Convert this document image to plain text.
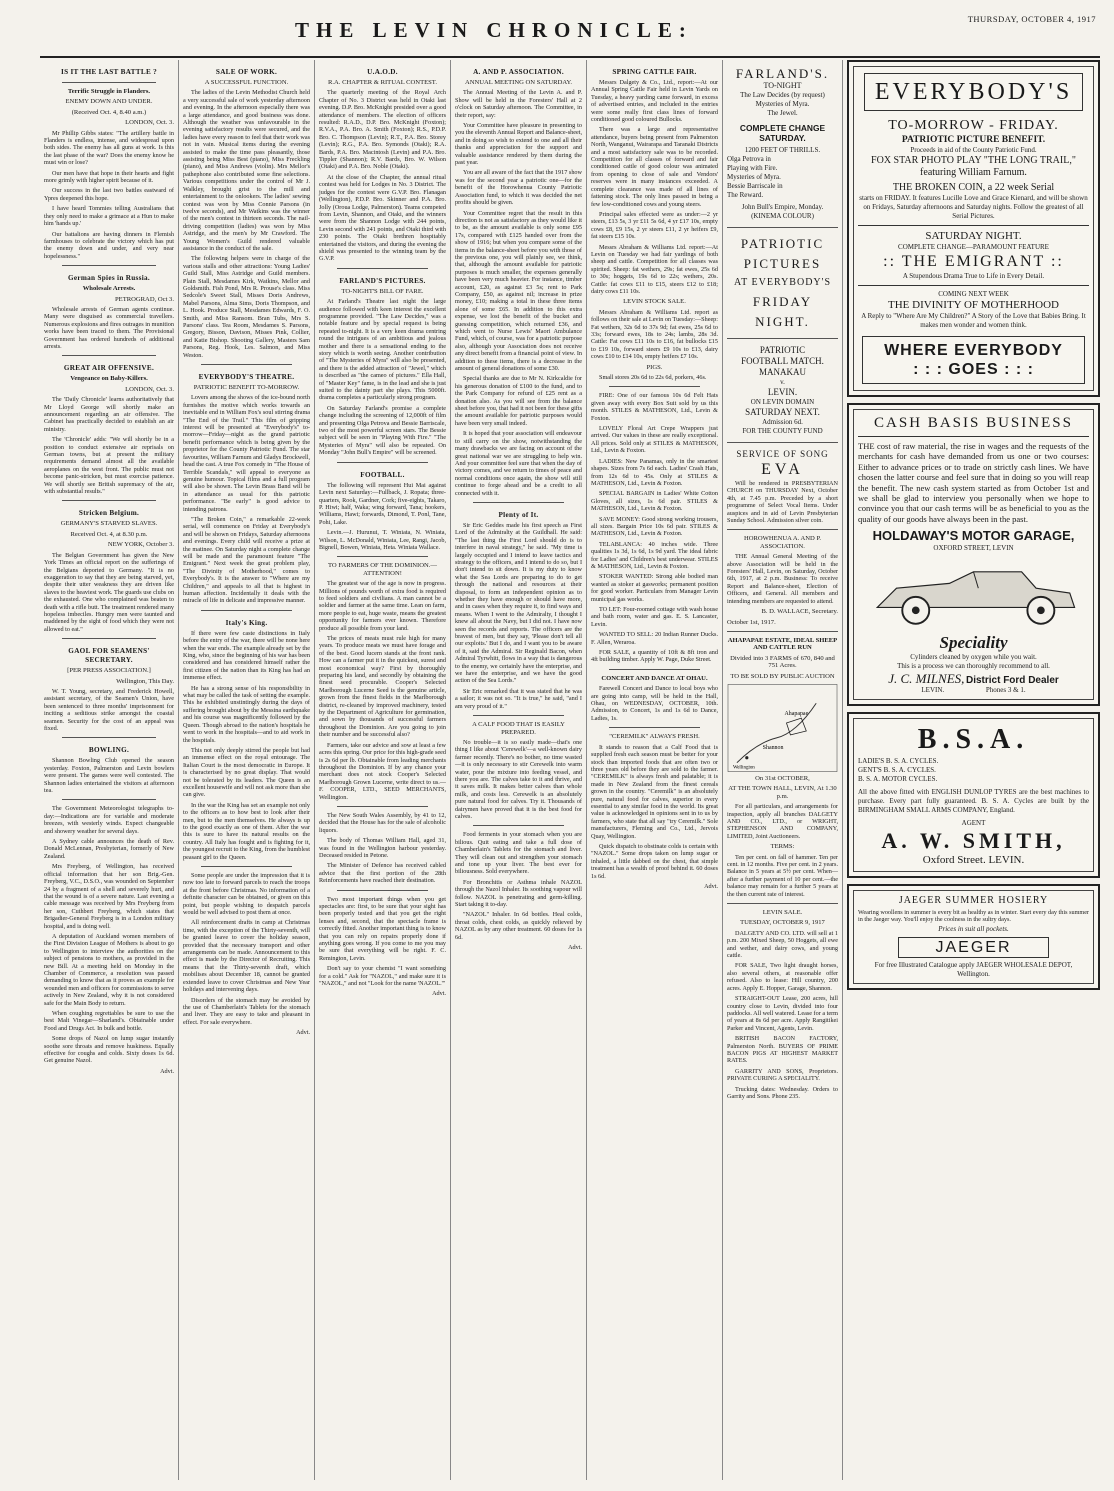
THE LEVIN CHRONICLE:	THURSDAY, OCTOBER 4, 1917
IS IT THE LAST BATTLE ?
Terrific Struggle in Flanders.
ENEMY DOWN AND UNDER.
(Received Oct. 4, 8.40 a.m.)
LONDON, Oct. 3.

Mr Phillip Gibbs states: "The artillery battle in Flanders is endless, intense, and widespread upon both sides. The enemy has all guns at work. Is this the last phase of the war? Does the enemy know he must win or lose?

Our men have that hope in their hearts and fight more grimly with higher spirit because of it.

Our success in the last two battles eastward of Ypres deepened this hope.

I have heard Tommies telling Australians that they only need to make a grimace at a Hun to make him 'hands up.'

Our battalions are having dinners in Flemish farmhouses to celebrate the victory which has put the enemy down and under, and very near hopelessness."

German Spies in Russia.
Wholesale Arrests.
PETROGRAD, Oct 3.

Wholesale arrests of German agents continue. Many were disguised as commercial travellers. Numerous explosions and fires outrages in munition works have been traced to them. The Provisional Government has ordered hundreds of additional arrests.

GREAT AIR OFFENSIVE.
Vengeance on Baby-Killers.
LONDON, Oct. 3.

The 'Daily Chronicle' learns authoritatively that Mr Lloyd George will shortly make an announcement regarding an air offensive. The Cabinet has practically decided to establish an air ministry.

The 'Chronicle' adds: "We will shortly be in a position to conduct extensive air reprisals on German towns, but at present the military requirements demand almost all the available aeroplanes on the west front. The public must not become panic-stricken, but must exercise patience. We will shortly see British supremacy of the air, with substantial results."

Stricken Belgium.
GERMANY'S STARVED SLAVES.
Received Oct. 4, at 8.30 p.m.
NEW YORK, October 3.

The Belgian Government has given the New York Times an official report on the sufferings of the Belgians deported to Germany. "It is no exaggeration to say that they are being starved, yet, despite their utter weakness they are driven like slaves to the heaviest work. The guards use clubs on the exhausted. One who complained was beaten to death with a rifle butt. The treatment rendered many hopeless imbeciles. Hungry men were taunted and maddened by the sight of food which they were not allowed to eat."

GAOL FOR SEAMENS' SECRETARY.
[PER PRESS ASSOCIATION.]
Wellington, This Day.

W. T. Young, secretary, and Frederick Howell, assistant secretary, of the Seamen's Union, have been sentenced to three months' imprisonment for inciting a seditious strike amongst the coastal seamen. Security for the cost of an appeal was fixed.

BOWLING.

Shannon Bowling Club opened the season yesterday. Foxton, Palmerston and Levin bowlers were present. The games were well contested. The Shannon ladies entertained the visitors at afternoon tea.

The Government Meteorologist telegraphs to-day:—Indications are for variable and moderate breezes, with westerly winds. Expect changeable and showery weather for several days.

A Sydney cable announces the death of Rev. Donald McLennan, Presbyterian, formerly of New Zealand.

Mrs Freyberg, of Wellington, has received official information that her son Brig.-Gen. Freyberg, V.C., D.S.O., was wounded on September 24 by a fragment of a shell and severely hurt, and that the wound is of a severe nature. Last evening a cable message was received by Mrs Freyberg from her son, Cuthbert Freyberg, which states that Brigadier-General Freyberg is in a London military hospital, and is doing well.

A deputation of Auckland women members of the First Division League of Mothers is about to go to Wellington to interview the authorities on the subject of pensions to mothers, as provided in the new Bill. At a meeting held on Monday in the Chamber of Commerce, a resolution was passed demanding to know that as it proves an example for wounded men and officers for commissions to serve actively in New Zealand, why it is not considered safe for the Main Body to return.

When coughing regrettables be sure to use the best Malt Vinegar—Sharland's. Obtainable under Food and Drugs Act. In bulk and bottle.

Some drops of Nazol on lump sugar instantly soothe sore throats and remove huskiness. Equally effective for coughs and colds. Sixty doses 1s 6d. Get genuine Nazol.

Advt.

SALE OF WORK.
A SUCCESSFUL FUNCTION.

The ladies of the Levin Methodist Church held a very successful sale of work yesterday afternoon and evening. In the afternoon especially there was a large attendance, and good business was done. Although the weather was unfavourable in the evening satisfactory results were secured, and the ladies have every reason to feel that their work was not in vain. Musical items during the evening assisted to make the time pass pleasantly, those assisting being Miss Best (piano), Miss Freckling (piano), and Miss Andrews (violin). Mrs Mellor's pathephone also contributed some fine selections. Various competitions under the control of Mr J. Walkley, brought grist to the mill and entertainment to the onlookers. The ladies' sewing contest was won by Miss Connie Parsons (in twelve seconds), and Mr Watkins was the winner of the men's contest in thirteen seconds. The nail-driving competition (ladies) was won by Miss Astridge, and the men's by Mr Crawford. The Young Women's Guild rendered valuable assistance in the conduct of the sale.

The following helpers were in charge of the various stalls and other attractions: Young Ladies' Guild Stall, Miss Astridge and Guild members. Plain Stall, Mesdames Kirk, Watkins, Mellor and Goldsmith. Fish Pond, Mrs R. Prouse's class. Miss Sedcole's Sweet Stall, Misses Doris Andrews, Mabel Parsons, Alma Sims, Doris Thompson, and L. Hook. Produce Stall, Mesdames Edwards, F. O. Smith, and Miss Ransom. Bran Tubs, Mrs S. Parsons' class. Tea Room, Mesdames S. Parsons, Gregory, Bisson, Davison, Misses Pink, Collier, and Katie Bishop. Shooting Gallery, Masters Sam Parsons, Reg. Hook, Les. Salmon, and Miss Weston.

EVERYBODY'S THEATRE.
PATRIOTIC BENEFIT TO-MORROW.

Lovers among the shows of the ice-bound north furnishes the motive which works towards an inevitable end in William Fox's soul stirring drama "The End of the Trail." This film of gripping interest will be presented at "Everybody's" to-morrow—Friday—night as the grand patriotic benefit performance which is being given by the proprietor for the County Patriotic Fund. The star favourites, William Farnum and Gladys Brockwell, head the cast. A true Fox comedy in "The House of Terrible Scandals," will appeal to everyone as genuine humour. Topical films and a full program will also be shown. The Levin Brass Band will be in attendance as usual for this patriotic performance. "Be early" is good advice to intending patrons.

"The Broken Coin," a remarkable 22-week serial, will commence on Friday at Everybody's and will be shown on Fridays, Saturday afternoons and evenings. Every child will receive a prize at the matinee. On Saturday night a complete change will be made and the paramount feature "The Emigrant." Next week the great problem play, "The Divinity of Motherhood," comes to Everybody's. It is the answer to "Where are my Children," and appeals to all that is highest in human affection. Incidentally it deals with the miracle of life in delicate and impressive manner.

Italy's King.

If there were few caste distinctions in Italy before the entry of the war, there will be none here when the war ends. The example already set by the King, who, since the beginning of his war has been considered and has considered himself rather the first citizen of the nation than its King has had an immense effect.

He has a strong sense of his responsibility in what may be called the task of setting the example. This he exhibited unstintingly during the days of suffering brought about by the Messina earthquake and his course was magnificently followed by the Queen. Though abroad to the nation's hospitals he went to work in the hospitals—and to aid work in the hospitals.

This not only deeply stirred the people but had an immense effect on the royal entourage. The Italian Court is the most democratic in Europe. It is characterised by no great display. That would not be tolerated by its leaders. The Queen is an excellent housewife and will not ask more than she can give.

In the war the King has set an example not only to the officers as to how best to look after their men, but to the men themselves. He always is up to the good exactly as one of them. After the war this is sure to have its natural results on the country. All Italy has fought and is fighting for it, the youngest recruit to the King, from the humblest peasant girl to the Queen.

Some people are under the impression that it is now too late to forward parcels to reach the troops at the front before Christmas. No information of a definite character can be obtained, or given on this point, but people wishing to despatch parcels would be well advised to post them at once.

All reinforcement drafts in camp at Christmas time, with the exception of the Thirty-seventh, will be granted leave to cover the holiday season, provided that the necessary transport and other arrangements can be made. Announcement to this effect is made by the Director of Recruiting. This means that the Thirty-seventh draft, which mobilises about December 18, cannot be granted extended leave to cover Christmas and New Year holidays and intervening days.

Disorders of the stomach may be avoided by the use of Chamberlain's Tablets for the stomach and liver. They are easy to take and pleasant in effect. For sale everywhere.

Advt.

U.A.O.D.
R.A. CHAPTER & RITUAL CONTEST.

The quarterly meeting of the Royal Arch Chapter of No. 3 District was held in Otaki last evening. D.P. Bro. McKnight presided over a good attendance of members. The election of officers resulted: R.A.D., D.P. Bro. McKnight (Foxton); R.V.A., P.A. Bro. A. Smith (Foxton); R.S., P.D.P. Bro. C. Thompson (Levin); R.T., P.A. Bro. Storey (Levin); R.G., P.A. Bro. Symonds (Otaki); R.A. Bards, P.A. Bro. Macintosh (Levin) and P.A. Bro. Tippler (Shannon); R.V. Bards, Bro. W. Wilson (Otaki) and P.A. Bro. Noble (Otaki).

At the close of the Chapter, the annual ritual contest was held for Lodges in No. 3 District. The judges for the contest were G.V.P. Bro. Flanagan (Wellington), P.D.P. Bro. Skinner and P.A. Bro. Jolly (Oroua Lodge, Palmerston). Teams competed from Levin, Shannon, and Otaki, and the winners were from the Shannon Lodge with 244 points, Levin second with 241 points, and Otaki third with 230 points. The Otaki brethren hospitably entertained the visitors, and during the evening the shield was presented to the winning team by the G.V.P.

FARLAND'S PICTURES.
TO-NIGHT'S BILL OF FARE.

At Farland's Theatre last night the large audience followed with keen interest the excellent programme provided. "The Law Decides," was a notable feature and by special request is being repeated to-night. It is a very keen drama centring round the intrigues of an ambitious and jealous mother and there is a sensational ending to the story which is worth seeing. Another contribution of "The Mysteries of Myra" will also be presented, and there is the added attraction of "Jewel," which is described as "the cameo of pictures." Ella Hall, of "Master Key" fame, is in the lead and she is just suited to the dainty part she plays. This 5000ft. drama completes a particularly strong program.

On Saturday Farland's promise a complete change including the screening of 12,000ft of film and presenting Olga Petrova and Bessie Barriscale, two of the most powerful screen stars. The Bessie subject will be seen in "Playing With Fire." "The Mysteries of Myra" will also be repeated. On Monday "John Bull's Empire" will be screened.

FOOTBALL.

The following will represent Hui Mai against Levin next Saturday:—Fullback, J. Ropata; three-quarters, Rook, Gardner, Cork; five-eights, Takaro, P. Hiwi; half, Waka; wing forward, Tana; hookers, Williams, Hawi; forwards, Dimond, T. Ponl, Tane, Pohi, Lake.

Levin.—J. Hurunui, T. Winiata, N. Winiata, Wilson, L. McDonald, Winiata, Lee, Rangi, Jacob, Bignell, Bowen, Winiata, Heta. Winiata Wallace.

TO FARMERS OF THE DOMINION.—ATTENTION!

The greatest war of the age is now in progress. Millions of pounds worth of extra food is required to feed soldiers and civilians. A man cannot be a soldier and farmer at the same time. Lean on farm, more people to eat, huge waste, means the greatest opportunity for farmers ever known. Therefore produce all possible from your land.

The prices of meats must rule high for many years. To produce meats we must have forage and of the best. Good lucern stands at the front rank. How can a farmer put it in the quickest, surest and most economical way? First by thoroughly preparing his land, and secondly by obtaining the finest seed procurable. Cooper's Selected Marlborough Lucerne Seed is the genuine article, grown from the finest fields in the Marlborough district, re-cleaned by improved machinery, tested by the Department of Agriculture for germination, and sown by thousands of successful farmers throughout the Dominion. Are you going to join their number and be successful also?

Farmers, take our advice and sow at least a few acres this spring. Our price for this high-grade seed is 2s 6d per lb. Obtainable from leading merchants throughout the Dominion. If by any chance your merchant does not stock Cooper's Selected Marlborough Grown Lucerne, write direct to us.—F. COOPER, LTD., SEED MERCHANTS, Wellington.

The New South Wales Assembly, by 41 to 12, decided that the House has for the sale of alcoholic liquors.

The body of Thomas William Hall, aged 31, was found in the Wellington harbour yesterday. Deceased resided in Petone.

The Minister of Defence has received cabled advice that the first portion of the 28th Reinforcements have reached their destination.

Two most important things when you get spectacles are: first, to be sure that your sight has been properly tested and that you get the right lenses and, second, that the spectacle frame is correctly fitted. Another important thing is to know that you can rely on repairs properly done if anything goes wrong. If you come to me you may be sure that everything will be right. F. C. Remington, Levin.

Don't say to your chemist "I want something for a cold." Ask for "NAZOL," and make sure it is "NAZOL," and not "Look for the name 'NAZOL.'"

Advt.

A. AND P. ASSOCIATION.
ANNUAL MEETING ON SATURDAY.

The Annual Meeting of the Levin A. and P. Show will be held in the Foresters' Hall at 2 o'clock on Saturday afternoon. The Committee, in their report, say:

Your Committee have pleasure in presenting to you the eleventh Annual Report and Balance-sheet, and in doing so wish to extend to one and all their thanks and appreciation for the support and valuable assistance rendered by them during the past year.

You are all aware of the fact that the 1917 show was for the second year a patriotic one—for the benefit of the Horowhenua County Patriotic Association fund, to which it was decided the net profits should be given.

Your Committee regret that the result in this direction is not as satisfactory as they would like it to be, as the amount available is only some £95 17s, compared with £125 handed over from the show of 1916; but when you compare some of the items in the balance-sheet before you with those of the previous one, you will plainly see, we think, that, although the amount available for patriotic purposes is much smaller, the expenses generally have been very much heavier. For instance, timber account, £20, as against £3 5s; rent to Park Company, £50, as against nil; increase in prize money, £10; making a total in these three items alone of some £65. In addition to this extra expense, we lost the benefit of the bucket and guessing competition, which returned £36, and which went to Nurse Lewis' Maori Ambulance Fund, which, of course, was for a patriotic purpose also, although your Association does not receive any direct benefit from a financial point of view. In addition to these items, there is a decrease in the amount of general donations of some £30.

Special thanks are due to Mr N. Kirkcaldie for his generous donation of £100 to the fund, and to the Park Company for refund of £25 rent as a donation also. As you will see from the balance sheet before you, that had it not been for these gifts the amount available for patriotic purposes would have been very small indeed.

It is hoped that your association will endeavour to still carry on the show, notwithstanding the many drawbacks we are facing on account of the great national war we are struggling to help win. And your committee feel sure that when the day of victory comes, and we return to times of peace and normal conditions once again, the show will still continue to forge ahead and be a credit to all connected with it.

Plenty of It.

Sir Eric Geddes made his first speech as First Lord of the Admiralty at the Guildhall. He said: "The last thing the First Lord should do is to interfere in naval strategy," he said. "My time is largely occupied and I intend to leave tactics and strategy to the officers, and I intend to do so, but I don't intend to sit down. It is my duty to know what the Sea Lords are preparing to do to get through the national and resources at their disposal, to form an independent opinion as to whether they have enough or should have more, and in cases when they require it, to find ways and means. When I went to the Admiralty, I thought I knew all about the Navy, but I did not. I have now seen the records and reports. The officers are the bravest of men, but they say, 'Please don't tell all our exploits.' But I do, and I want you to be aware of it, said the Admiral. Sir Reginald Bacon, when Admiral Tyrwhitt, flows in a way that is dangerous to the enemy, we certainly have the enterprise, and we have the enterprise, and we have the good action of the Sea Lords."

Sir Eric remarked that it was stated that he was a sailor; it was not so. "It is true," he said, "and I am very proud of it."

A CALF FOOD THAT IS EASILY PREPARED.

No trouble—it is so easily made—that's one thing I like about 'Cerewelk'—a well-known dairy farmer recently. There's no bother, no time wasted—it is only necessary to stir Cerewelk into warm water, pour the mixture into feeding vessel, and there you are. The calves take to it and thrive, and it saves milk. It makes better calves than whole milk, and costs less. Cerewelk is an absolutely pure natural food for calves. Try it. Thousands of dairymen have proved that it is the best food for calves.

Food ferments in your stomach when you are bilious. Quit eating and take a full dose of Chamberlain's Tablets for the stomach and liver. They will clean out and strengthen your stomach and tone up your liver. The best ever for biliousness. Sold everywhere.

For Bronchitis or Asthma inhale NAZOL through the Nazol Inhaler. Its soothing vapour will follow. NAZOL is penetrating and germ-killing. Start taking it to-day.

"NAZOL" Inhaler. In 6d bottles. Heal colds, throat colds, chest colds, as quickly relieved by NAZOL as by any other treatment. 60 doses for 1s 6d.

Advt.

SPRING CATTLE FAIR.

Messrs Dalgety & Co., Ltd., report:—At our Annual Spring Cattle Fair held in Levin Yards on Tuesday, a heavy yarding came forward, in excess of advertised entries, and included in the entries were some really first class lines of forward conditioned good coloured Bullocks.

There was a large and representative attendance, buyers being present from Palmerston North, Wanganui, Wairarapa and Taranaki Districts and a most satisfactory sale was to be recorded. Competition for all classes of forward and fair conditioned cattle of good colour was animated from opening to close of sale and Vendors' reserves were in many instances exceeded. A complete clearance was made of all lines of fattening stock. The only lines passed in being a few low-conditioned cows and young steers.

Principal sales effected were as under:—2 yr steers, £13 5s, 3 yr £11 5s 6d, 4 yr £17 10s, empty cows £8, £9 15s, 2 yr steers £11, 2 yr heifers £9, fat steers £15 10s.

Messrs Abraham & Williams Ltd. report:—At Levin on Tuesday we had fair yardings of both sheep and cattle. Competition for all classes was spirited. Sheep: fat wethers, 29s; fat ewes, 25s 6d to 30s; hoggets, 19s 6d to 22s; wethers, 20s. Cattle: fat cows £11 to £15, steers £12 to £18; dairy cows £11 10s.

LEVIN STOCK SALE.

Messrs Abraham & Williams Ltd. report as follows on their sale at Levin on Tuesday:—Sheep: Fat wethers, 32s 6d to 37s 9d; fat ewes, 25s 6d to 33s; forward ewes, 18s to 24s; lambs, 28s 3d. Cattle: Fat cows £11 10s to £16, fat bullocks £15 to £19 10s, forward steers £9 10s to £13, dairy cows £10 to £14 10s, empty heifers £7 10s.

PIGS.

Small stores 20s 6d to 22s 6d, porkers, 46s.

FIRE: One of our famous 10s 6d Felt Hats given away with every Box Suit sold by us this month. STILES & MATHESON, Ltd., Levin & Foxton.

LOVELY Floral Art Crepe Wrappers just arrived. Our values in these are really exceptional. All prices. Sold only at STILES & MATHESON, Ltd., Levin & Foxton.

LADIES: New Panamas, only in the smartest shapes. Sizes from 7s 6d each. Ladies' Crash Hats, from 12s 6d to 45s. Only at STILES & MATHESON, Ltd., Levin & Foxton.

SPECIAL BARGAIN in Ladies' White Cotton Gloves, all sizes, 1s 6d pair. STILES & MATHESON, Ltd., Levin & Foxton.

SAVE MONEY: Good strong working trousers, all sizes. Bargain Price 10s 6d pair. STILES & MATHESON, Ltd., Levin & Foxton.

TELABLANCA: 40 inches wide. Three qualities 1s 3d, 1s 6d, 1s 9d yard. The ideal fabric for Ladies' and Children's best underwear. STILES & MATHESON, Ltd., Levin & Foxton.

STOKER WANTED: Strong able bodied man wanted as stoker at gasworks; permanent position for good worker. Particulars from Manager Levin municipal gas works.

TO LET: Four-roomed cottage with wash house and bath room, water and gas. E. S. Lancaster, Levin.

WANTED TO SELL: 20 Indian Runner Ducks. F. Allen, Weraroa.

FOR SALE, a quantity of 10ft & 8ft iron and 4ft building timber. Apply W. Page, Duke Street.

CONCERT AND DANCE AT OHAU.

Farewell Concert and Dance to local boys who are going into camp, will be held in the Hall, Ohau, on WEDNESDAY, OCTOBER, 10th. Admission, to Concert, 1s and 1s 6d to Dance, Ladies, 1s.

"CEREMILK" ALWAYS FRESH.

It stands to reason that a Calf Food that is supplied fresh each season must be better for your stock than imported foods that are often two or three years old before they are sold to the farmer. "CEREMILK" is always fresh and palatable; it is made in New Zealand from the finest cereals grown in the country. "Ceremilk" is an absolutely pure, natural food for calves, superior in every essential to any similar food in the world. Its great value is acknowledged in opinions sent in to us by farmers, who state that all say "try Ceremilk." Sole manufacturers, Fleming and Co., Ltd., Jervois Quay, Wellington.

Quick dispatch to obstinate colds is certain with "NAZOL." Some drops taken on lump sugar or inhaled, a little dabbed on the chest, that simple treatment has a wealth of proof behind it. 60 doses 1s 6d.

Advt.

FARLAND'S.
TO-NIGHT
The Law Decides (by request)
Mysteries of Myra.
The Jewel.
COMPLETE CHANGE SATURDAY.
1200 FEET OF THRILLS.
Olga Petrova in
Playing with Fire.
Mysteries of Myra.
Bessie Barriscale in
The Reward.
John Bull's Empire, Monday. (KINEMA COLOUR)
PATRIOTIC
PICTURES
AT EVERYBODY'S
FRIDAY
NIGHT.
PATRIOTIC
FOOTBALL MATCH.
MANAKAU
v.
LEVIN.
ON LEVIN DOMAIN
SATURDAY NEXT.
Admission 6d.
FOR THE COUNTY FUND
SERVICE OF SONG
EVA

Will be rendered in PRESBYTERIAN CHURCH on THURSDAY Next, October 4th, at 7.45 p.m. Preceded by a short programme of Select Vocal Items. Under auspices and in aid of Levin Presbyterian Sunday School. Admission silver coin.

HOROWHENUA A. AND P. ASSOCIATION.

THE Annual General Meeting of the above Association will be held in the Foresters' Hall, Levin, on Saturday, October 6th, 1917, at 2 p.m. Business: To receive Report and Balance-sheet, Election of Officers, and General. All members and intending members are requested to attend.

B. D. WALLACE, Secretary.
October 1st, 1917.
AHAPAPAE ESTATE, IDEAL SHEEP AND CATTLE RUN
Divided into 3 FARMS of 670, 840 and 751 Acres.
TO BE SOLD BY PUBLIC AUCTION
Ahapapae
Shannon
Wellington
On 31st OCTOBER,
AT THE TOWN HALL, LEVIN, At 1.30 p.m.

For all particulars, and arrangements for inspection, apply all branches DALGETY AND CO., LTD., or WRIGHT, STEPHENSON AND COMPANY, LIMITED, Joint Auctioneers.

TERMS:

Ten per cent. on fall of hammer. Ten per cent. in 12 months. Five per cent. in 2 years. Balance in 5 years at 5½ per cent. When—after a further payment of 10 per cent.—the balance may remain for a further 5 years at the then current rate of interest.

LEVIN SALE.
TUESDAY, OCTOBER 9, 1917

DALGETY AND CO. LTD. will sell at 1 p.m. 200 Mixed Sheep, 50 Hoggets, all ewe and wether, and dairy cows, and young cattle.

FOR SALE, Two light draught horses, also several others, at reasonable offer refused. Also to lease: Hill country, 200 acres. Apply E. Hopper, Garage, Shannon.

STRAIGHT-OUT Lease, 200 acres, hill country close to Levin, divided into four paddocks. All well watered. Lease for a term of years at 8s 6d per acre. Apply Rangitikei Parker and Vincent, Agents, Levin.

BRITISH BACON FACTORY, Palmerston North. BUYERS OF PRIME BACON PIGS AT HIGHEST MARKET RATES.

GARRITY AND SONS, Proprietors. PRIVATE CURING A SPECIALITY.

Trucking dates: Wednesday. Orders to Garrity and Sons. Phone 235.

EVERYBODY'S
TO-MORROW - FRIDAY.
PATRIOTIC PICTURE BENEFIT.
Proceeds in aid of the County Patriotic Fund.
FOX STAR PHOTO PLAY "THE LONG TRAIL," featuring William Farnum.
THE BROKEN COIN, a 22 week Serial
starts on FRIDAY. It features Lucille Love and Grace Kienard, and will be shown on Fridays, Saturday afternoons and Saturday nights. Follow the greatest of all Serial Pictures.
SATURDAY NIGHT.
COMPLETE CHANGE—PARAMOUNT FEATURE
:: THE EMIGRANT ::
A Stupendous Drama True to Life in Every Detail.
COMING NEXT WEEK
THE DIVINITY OF MOTHERHOOD
A Reply to "Where Are My Children?" A Story of the Love that Babies Bring. It makes men wonder and women think.
WHERE EVERYBODY
: : : GOES : : :
CASH BASIS BUSINESS

THE cost of raw material, the rise in wages and the requests of the merchants for cash have demanded from us one or two courses: Either to advance prices or to trade on strictly cash lines. We have chosen the latter course and feel sure that in doing so you will reap the benefit. The new cash system started as from October 1st and we shall be glad to interview you personally when we hope to convince you that our cash terms will be as beneficial to you as the quality of our goods have always been in the past.

HOLDAWAY'S MOTOR GARAGE,
OXFORD STREET, LEVIN
Speciality
Cylinders cleaned by oxygen while you wait.
This is a process we can thoroughly recommend to all.
J. C. MILNES, District Ford Dealer
LEVIN.	Phones 3 & 1.
B.S.A.
LADIE'S B. S. A. CYCLES.
GENT'S B. S. A. CYCLES.
B. S. A. MOTOR CYCLES.

All the above fitted with ENGLISH DUNLOP TYRES are the best machines to purchase. Every part fully guaranteed. B. S. A. Cycles are built by the BIRMINGHAM SMALL ARMS COMPANY, England.

AGENT
A. W. SMITH,
Oxford Street. LEVIN.
JAEGER SUMMER HOSIERY

Wearing woollens in summer is every bit as healthy as in winter. Start every day this summer in the Jaeger way. You'll enjoy the coolness in the sultry days.

Prices in suit all pockets.
JAEGER
For free Illustrated Catalogue apply JAEGER WHOLESALE DEPOT, Wellington.
